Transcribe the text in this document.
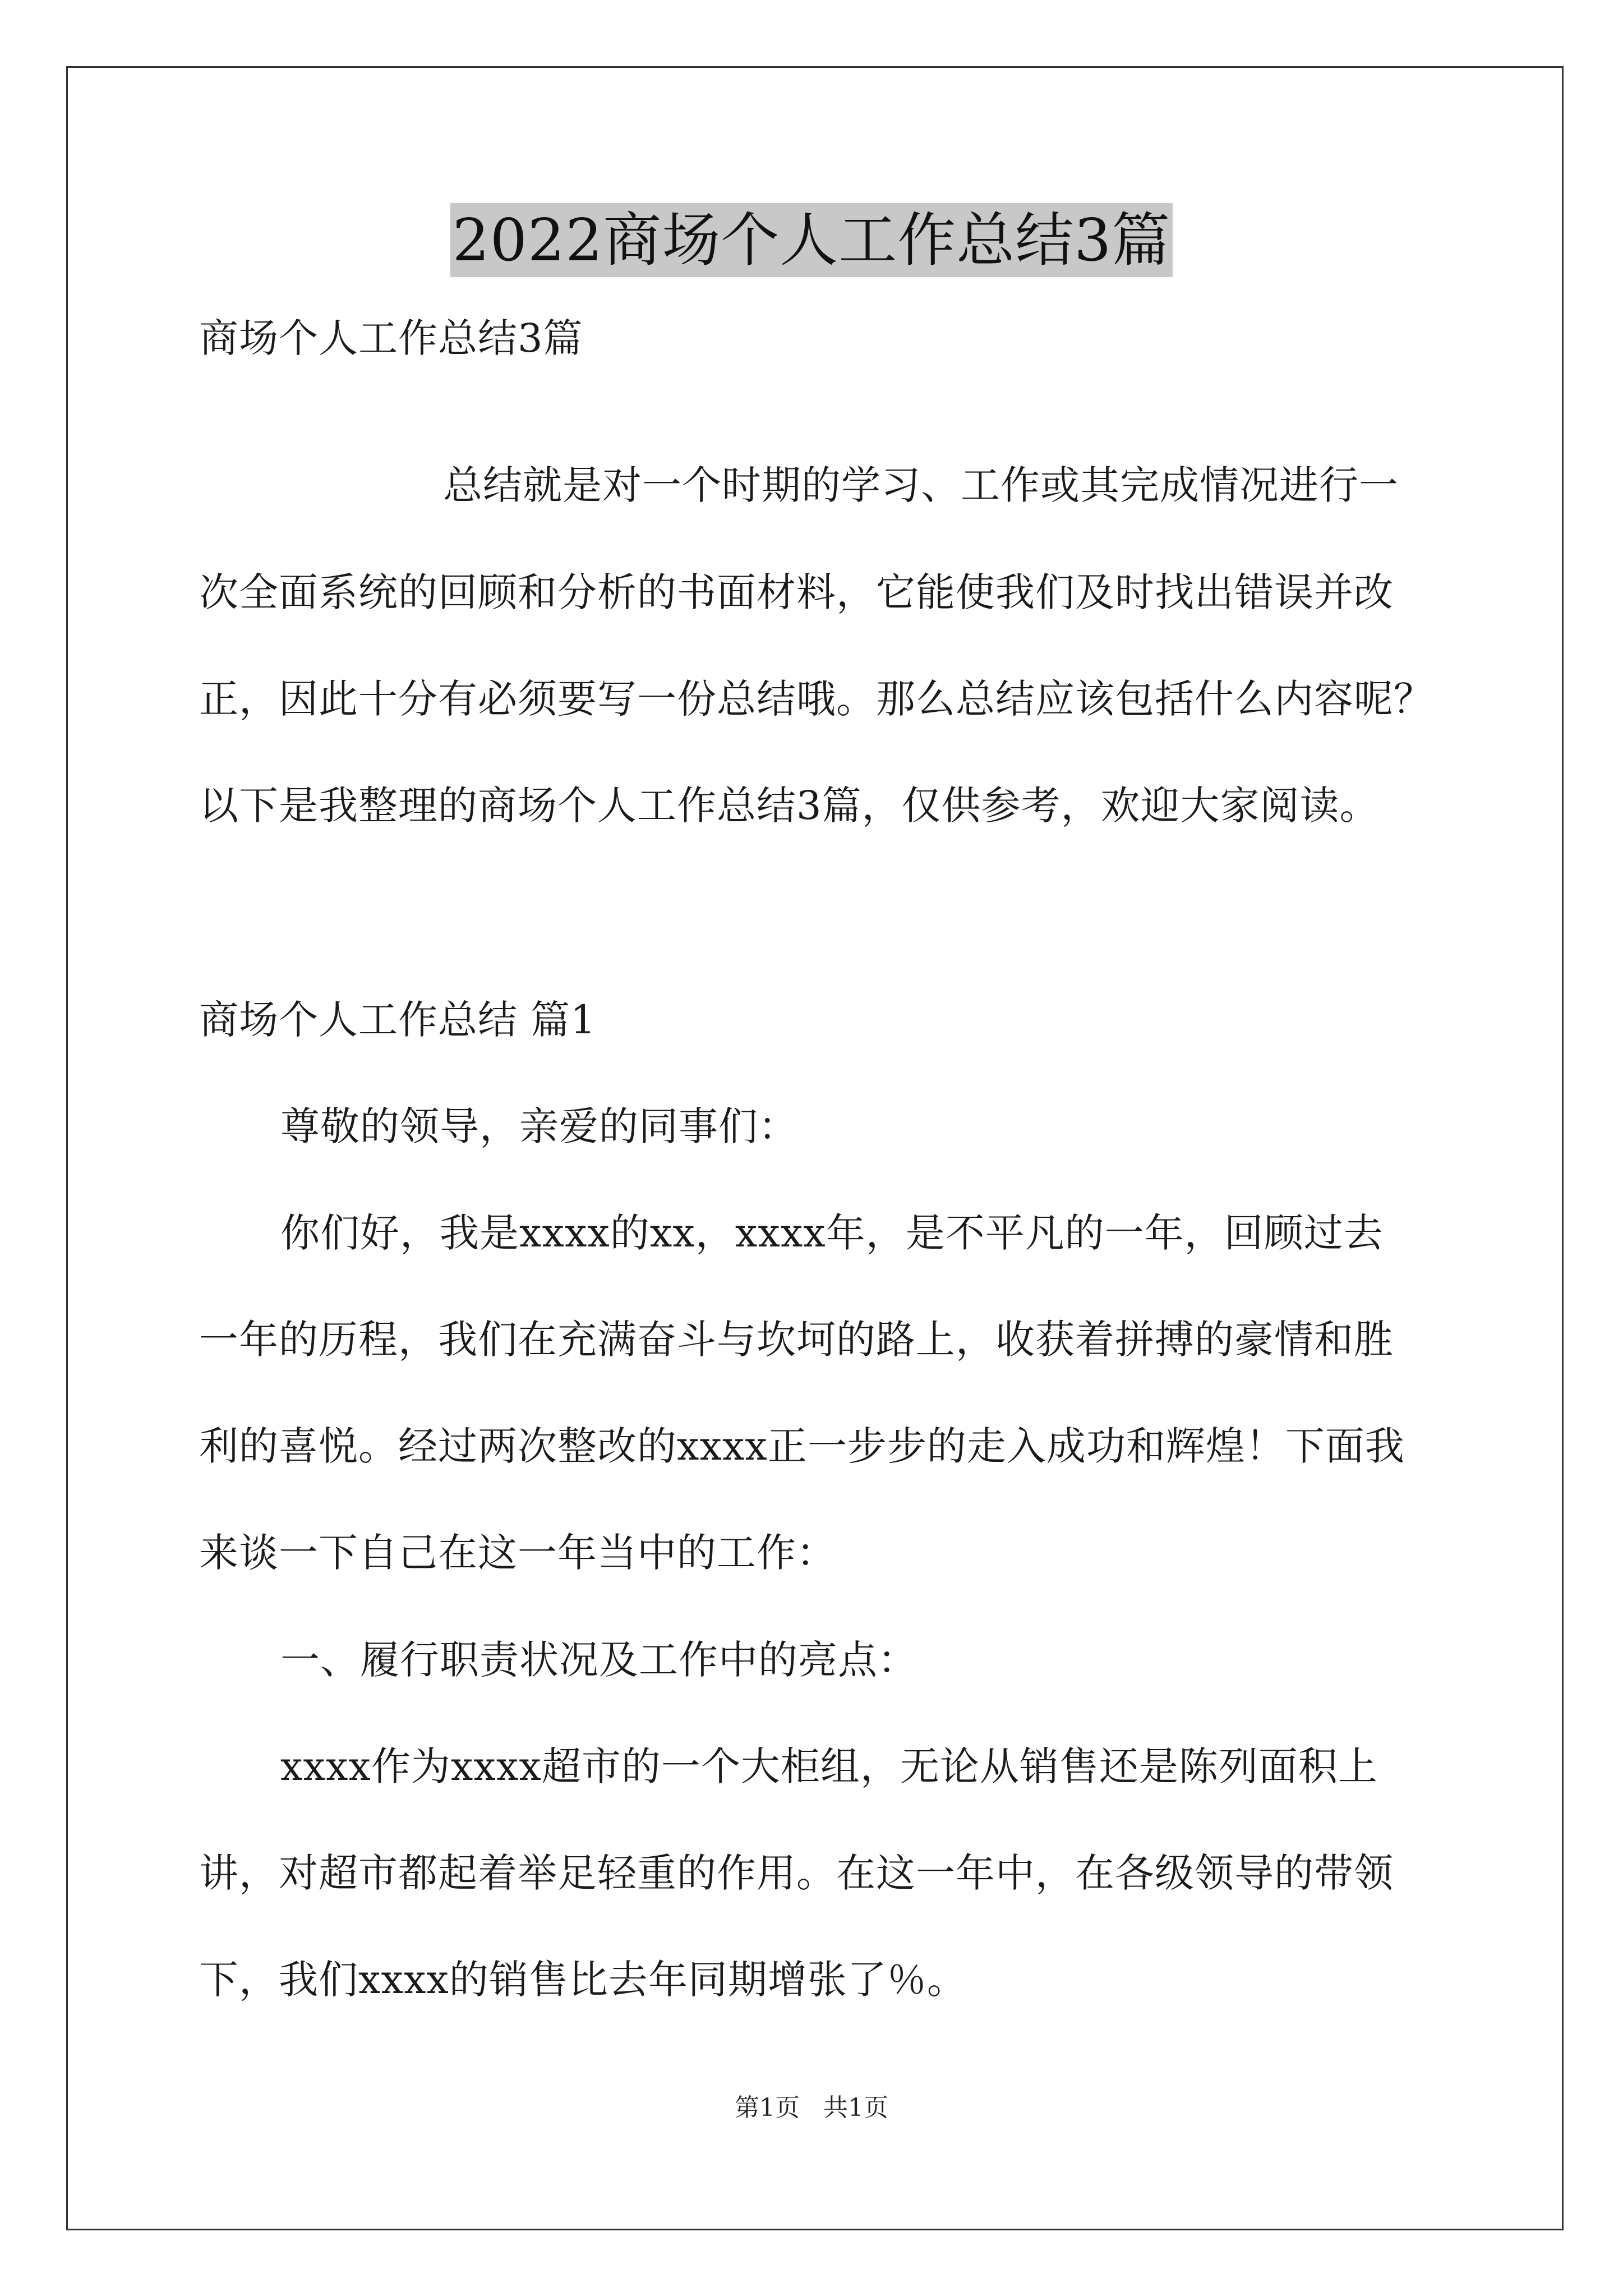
2022商场个人工作总结3篇
商场个人工作总结3篇
总结就是对一个时期的学习、工作或其完成情况进行一
次全面系统的回顾和分析的书面材料，它能使我们及时找出错误并改
正，因此十分有必须要写一份总结哦。那么总结应该包括什么内容呢？
以下是我整理的商场个人工作总结3篇，仅供参考，欢迎大家阅读。
商场个人工作总结 篇1
尊敬的领导，亲爱的同事们：
你们好，我是xxxx的xx，xxxx年，是不平凡的一年，回顾过去
一年的历程，我们在充满奋斗与坎坷的路上，收获着拼搏的豪情和胜
利的喜悦。经过两次整改的xxxx正一步步的走入成功和辉煌！下面我
来谈一下自己在这一年当中的工作：
一、履行职责状况及工作中的亮点：
xxxx作为xxxx超市的一个大柜组，无论从销售还是陈列面积上
讲，对超市都起着举足轻重的作用。在这一年中，在各级领导的带领
下，我们xxxx的销售比去年同期增张了％。
第1页 共1页
